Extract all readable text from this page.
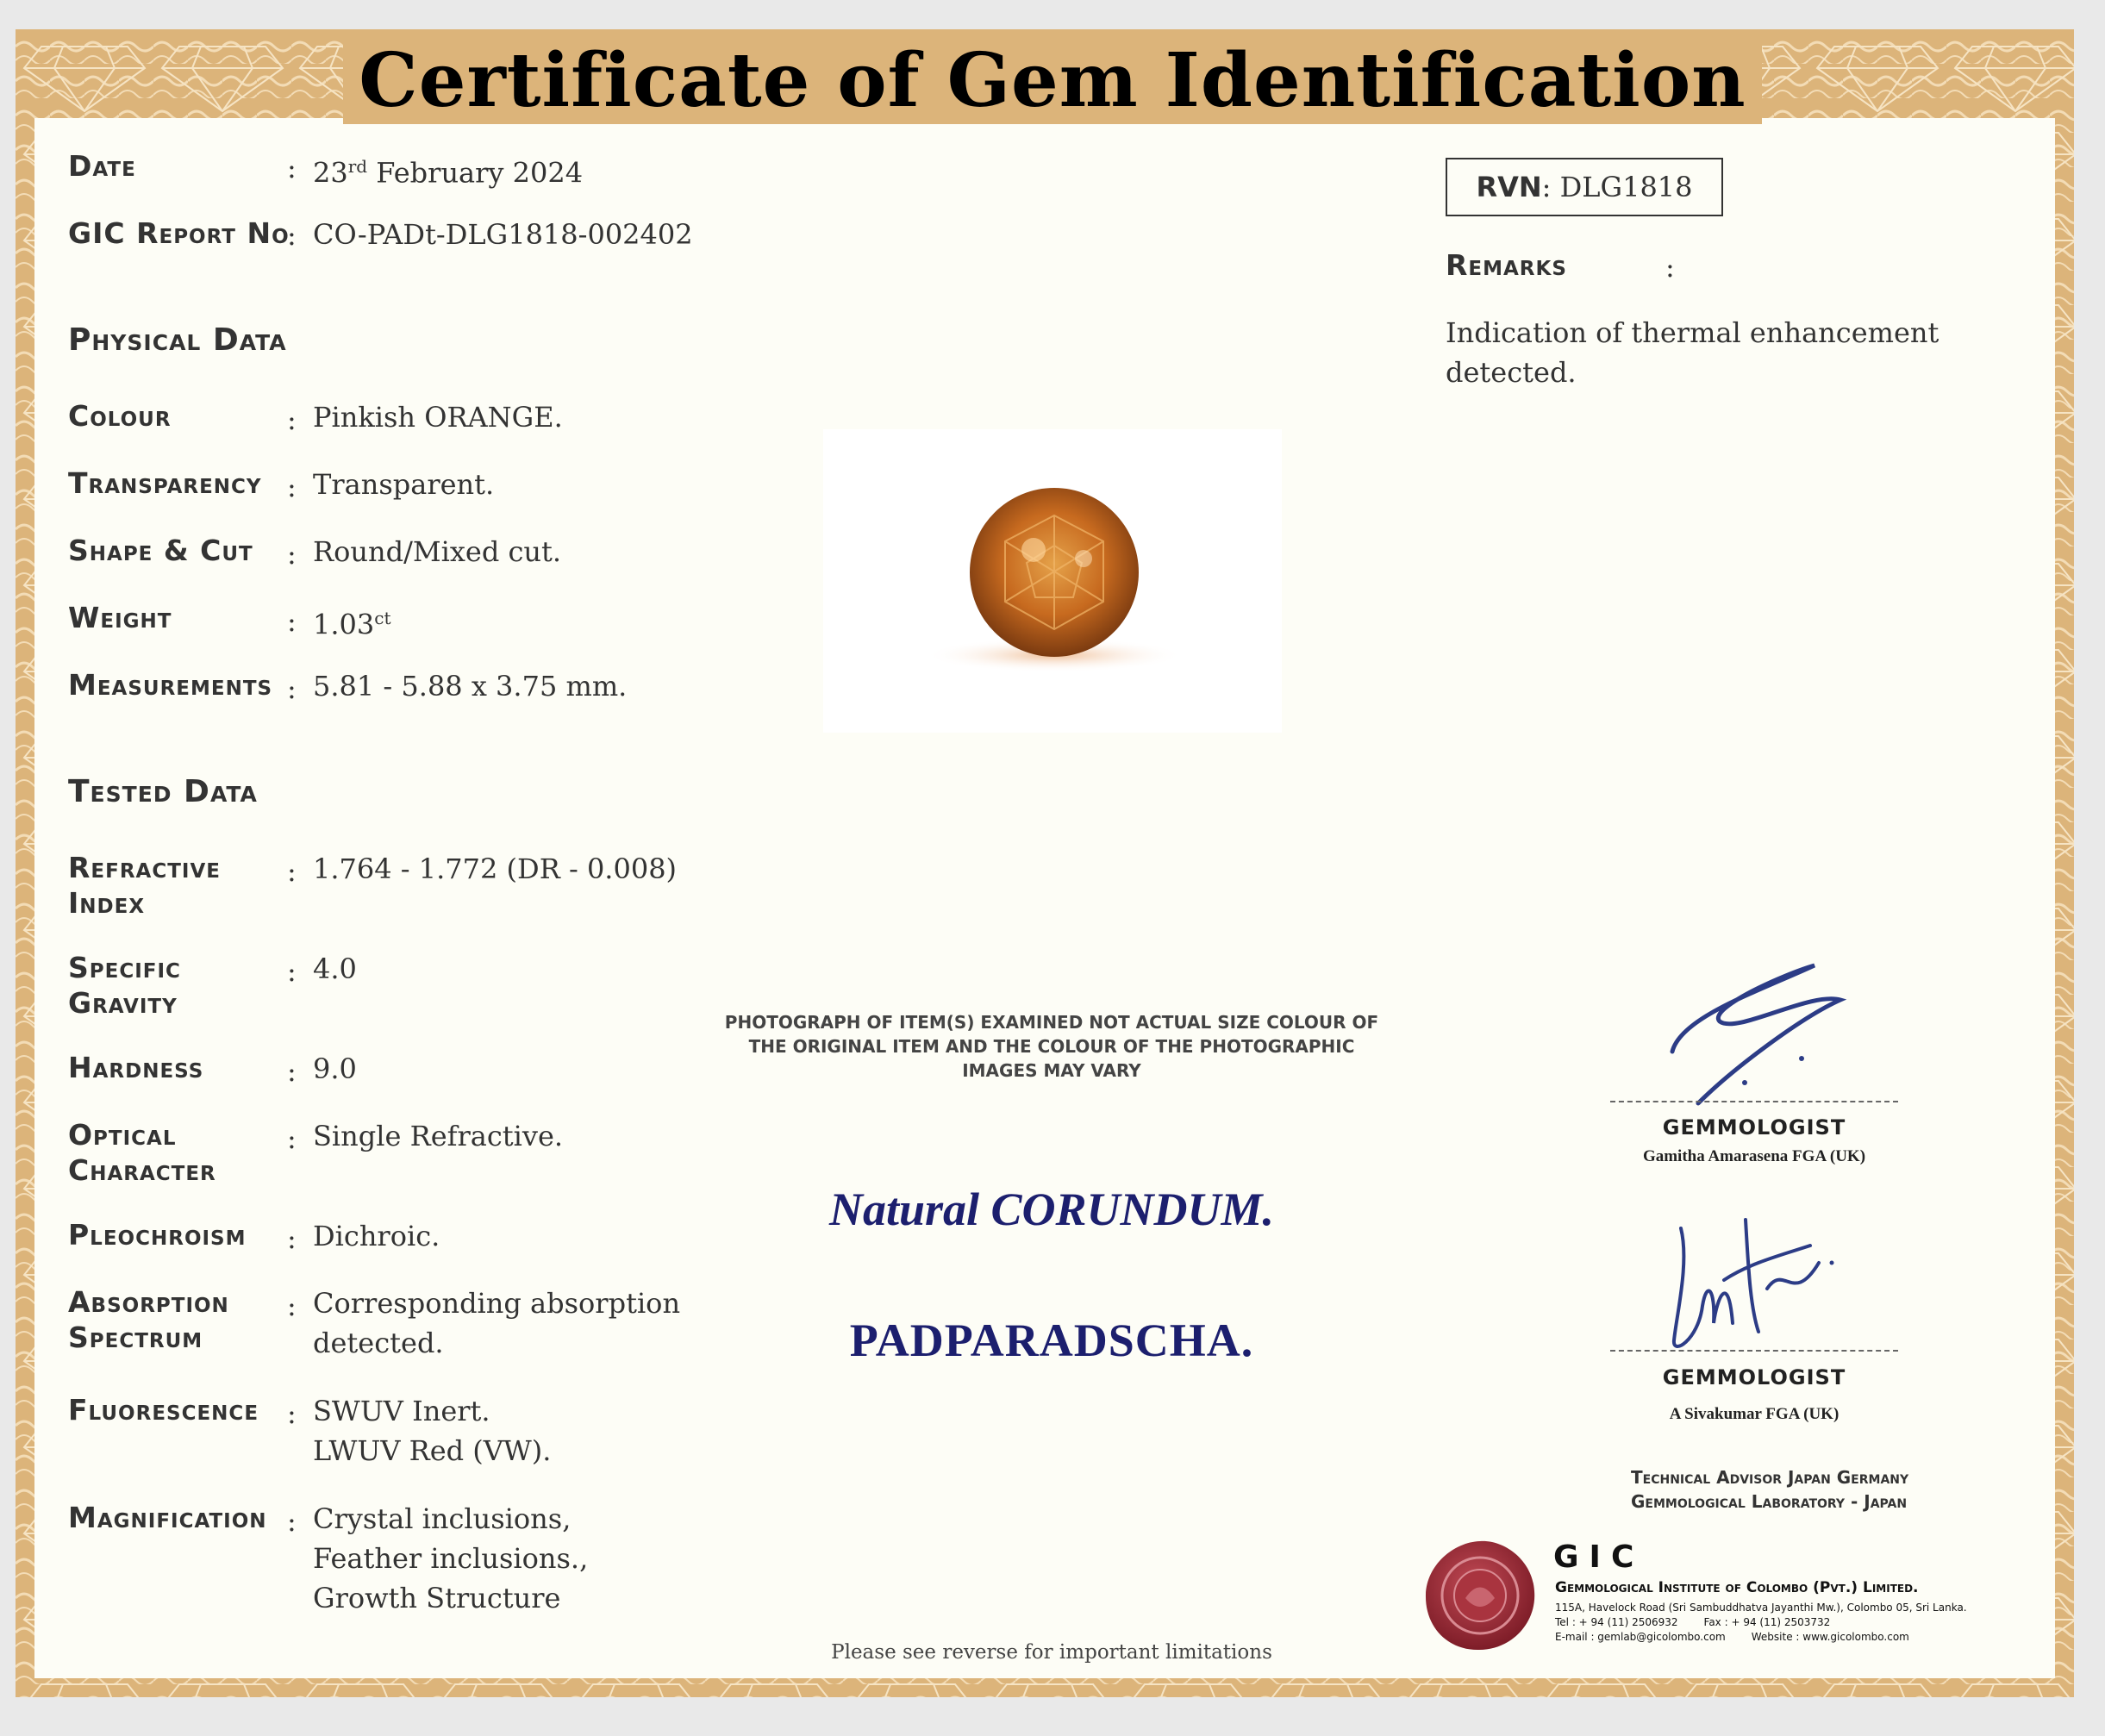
Certificate of Gem Identification
Date	: 23rd February 2024
GIC Report No
: CO-PADt-DLG1818-002402
Physical Data
Colour	: Pinkish ORANGE.
Transparency : Transparent.
Shape & Cut : Round/Mixed cut.
Weight	: $1.03^{ct}$
Measurements : 5.81 - 5.88 x 3.75 mm.
Tested Data
Refractive
Index
: 1.764 - 1.772 (DR - 0.008)
Specific
Gravity
: 4.0
Hardness	: 9.0
Optical
Character
: Single Refractive.
Pleochroism : Dichroic.
Absorption
Spectrum
: Corresponding absorption
detected.
Fluorescence : SWUV Inert.
LWUV Red (VW).
Magnification : Crystal inclusions,
Feather inclusions.,
Growth Structure
PHOTOGRAPH OF ITEM(S) EXAMINED NOT ACTUAL SIZE COLOUR OF
THE ORIGINAL ITEM AND THE COLOUR OF THE PHOTOGRAPHIC
IMAGES MAY VARY
Natural CORUNDUM.
PADPARADSCHA.
Please see reverse for important limitations
RVN: DLG1818
Remarks	:
Indication of thermal enhancement detected.
GEMMOLOGIST
Gamitha Amarasena FGA (UK)
GEMMOLOGIST
A Sivakumar FGA (UK)
Technical Advisor Japan Germany
Gemmological Laboratory - Japan
GIC
Gemmological Institute of Colombo (Pvt.) Limited.
115A, Havelock Road (Sri Sambuddhatva Jayanthi Mw.), Colombo 05, Sri Lanka.
Tel : + 94 (11) 2506932	Fax : + 94 (11) 2503732
E-mail : gemlab@gicolombo.com	Website : www.gicolombo.com
